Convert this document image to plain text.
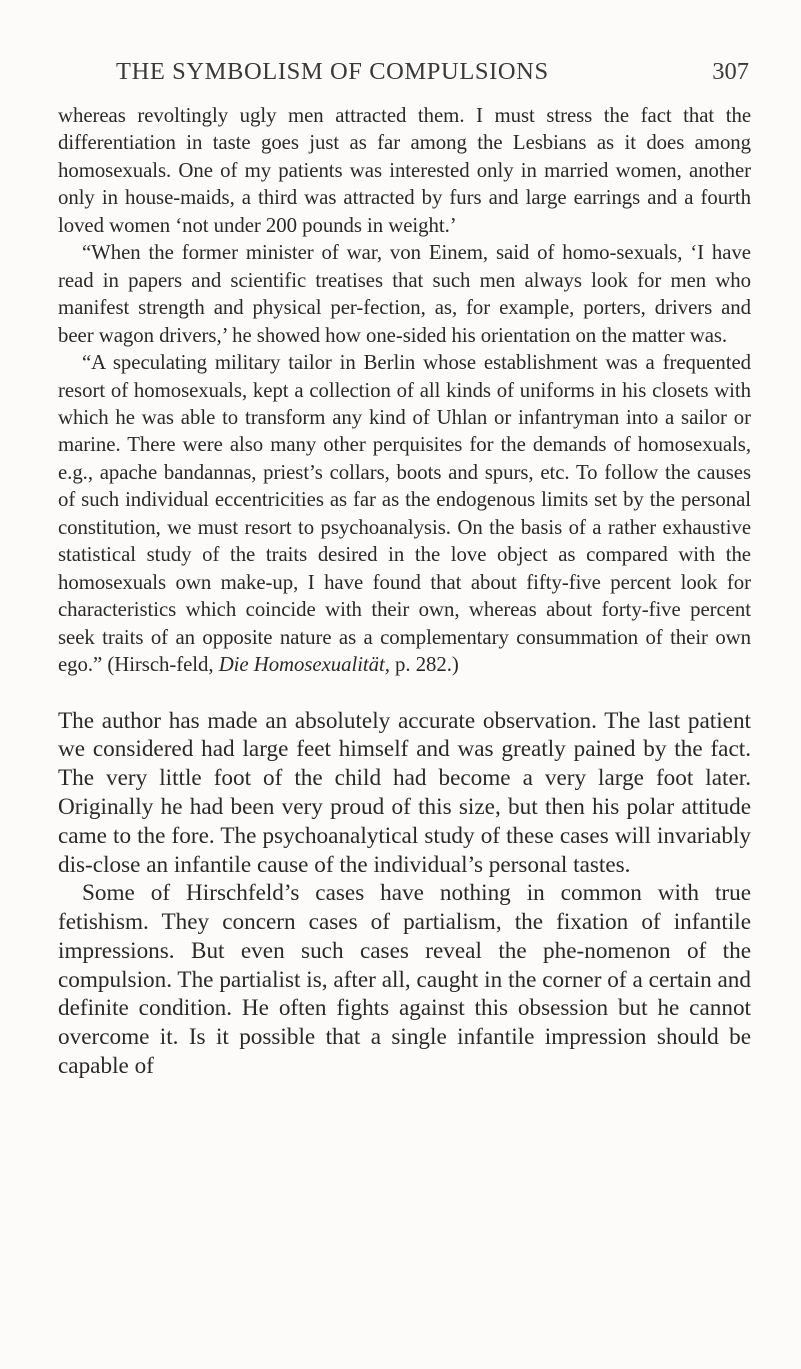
THE SYMBOLISM OF COMPULSIONS	307

whereas revoltingly ugly men attracted them. I must stress the fact that the differentiation in taste goes just as far among the Lesbians as it does among homosexuals. One of my patients was interested only in married women, another only in house-maids, a third was attracted by furs and large earrings and a fourth loved women ‘not under 200 pounds in weight.’

“When the former minister of war, von Einem, said of homo-sexuals, ‘I have read in papers and scientific treatises that such men always look for men who manifest strength and physical per-fection, as, for example, porters, drivers and beer wagon drivers,’ he showed how one-sided his orientation on the matter was.

“A speculating military tailor in Berlin whose establishment was a frequented resort of homosexuals, kept a collection of all kinds of uniforms in his closets with which he was able to transform any kind of Uhlan or infantryman into a sailor or marine. There were also many other perquisites for the demands of homosexuals, e.g., apache bandannas, priest’s collars, boots and spurs, etc. To follow the causes of such individual eccentricities as far as the endogenous limits set by the personal constitution, we must resort to psychoanalysis. On the basis of a rather exhaustive statistical study of the traits desired in the love object as compared with the homosexuals own make-up, I have found that about fifty-five percent look for characteristics which coincide with their own, whereas about forty-five percent seek traits of an opposite nature as a complementary consummation of their own ego.” (Hirsch-feld, Die Homosexualität, p. 282.)

The author has made an absolutely accurate observation. The last patient we considered had large feet himself and was greatly pained by the fact. The very little foot of the child had become a very large foot later. Originally he had been very proud of this size, but then his polar attitude came to the fore. The psychoanalytical study of these cases will invariably dis-close an infantile cause of the individual’s personal tastes.

Some of Hirschfeld’s cases have nothing in common with true fetishism. They concern cases of partialism, the fixation of infantile impressions. But even such cases reveal the phe-nomenon of the compulsion. The partialist is, after all, caught in the corner of a certain and definite condition. He often fights against this obsession but he cannot overcome it. Is it possible that a single infantile impression should be capable of
